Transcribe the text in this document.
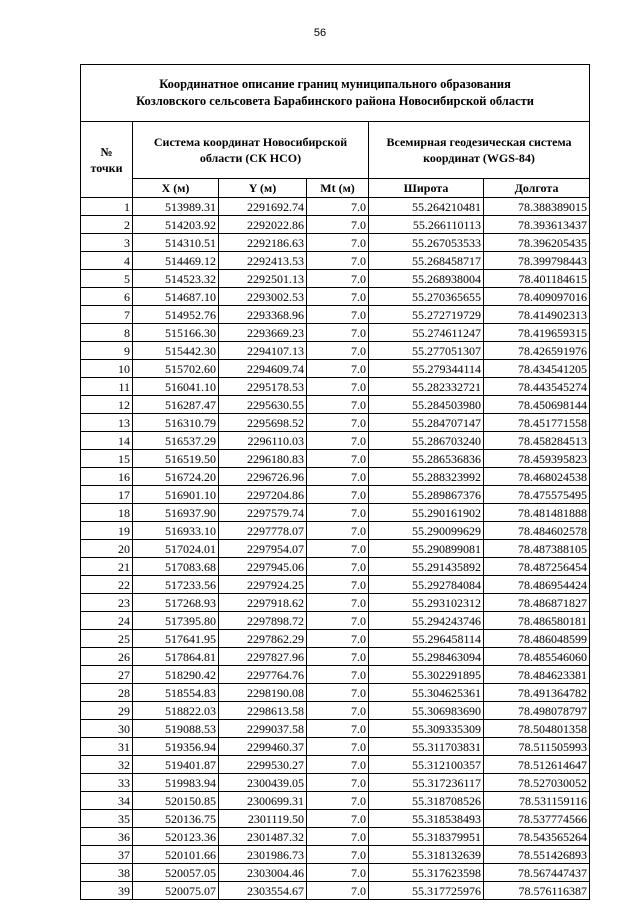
56
Координатное описание границ муниципального образования
Козловского сельсовета Барабинского района Новосибирской области					

№ точки	Система координат Новосибирской области (СК НСО)			Всемирная геодезическая система координат (WGS-84)	
	X (м)	Y (м)	Mt (м)	Широта	Долгота
1	513989.31	2291692.74	7.0	55.264210481	78.388389015
2	514203.92	2292022.86	7.0	55.266110113	78.393613437
3	514310.51	2292186.63	7.0	55.267053533	78.396205435
4	514469.12	2292413.53	7.0	55.268458717	78.399798443
5	514523.32	2292501.13	7.0	55.268938004	78.401184615
6	514687.10	2293002.53	7.0	55.270365655	78.409097016
7	514952.76	2293368.96	7.0	55.272719729	78.414902313
8	515166.30	2293669.23	7.0	55.274611247	78.419659315
9	515442.30	2294107.13	7.0	55.277051307	78.426591976
10	515702.60	2294609.74	7.0	55.279344114	78.434541205
11	516041.10	2295178.53	7.0	55.282332721	78.443545274
12	516287.47	2295630.55	7.0	55.284503980	78.450698144
13	516310.79	2295698.52	7.0	55.284707147	78.451771558
14	516537.29	2296110.03	7.0	55.286703240	78.458284513
15	516519.50	2296180.83	7.0	55.286536836	78.459395823
16	516724.20	2296726.96	7.0	55.288323992	78.468024538
17	516901.10	2297204.86	7.0	55.289867376	78.475575495
18	516937.90	2297579.74	7.0	55.290161902	78.481481888
19	516933.10	2297778.07	7.0	55.290099629	78.484602578
20	517024.01	2297954.07	7.0	55.290899081	78.487388105
21	517083.68	2297945.06	7.0	55.291435892	78.487256454
22	517233.56	2297924.25	7.0	55.292784084	78.486954424
23	517268.93	2297918.62	7.0	55.293102312	78.486871827
24	517395.80	2297898.72	7.0	55.294243746	78.486580181
25	517641.95	2297862.29	7.0	55.296458114	78.486048599
26	517864.81	2297827.96	7.0	55.298463094	78.485546060
27	518290.42	2297764.76	7.0	55.302291895	78.484623381
28	518554.83	2298190.08	7.0	55.304625361	78.491364782
29	518822.03	2298613.58	7.0	55.306983690	78.498078797
30	519088.53	2299037.58	7.0	55.309335309	78.504801358
31	519356.94	2299460.37	7.0	55.311703831	78.511505993
32	519401.87	2299530.27	7.0	55.312100357	78.512614647
33	519983.94	2300439.05	7.0	55.317236117	78.527030052
34	520150.85	2300699.31	7.0	55.318708526	78.531159116
35	520136.75	2301119.50	7.0	55.318538493	78.537774566
36	520123.36	2301487.32	7.0	55.318379951	78.543565264
37	520101.66	2301986.73	7.0	55.318132639	78.551426893
38	520057.05	2303004.46	7.0	55.317623598	78.567447437
39	520075.07	2303554.67	7.0	55.317725976	78.576116387
